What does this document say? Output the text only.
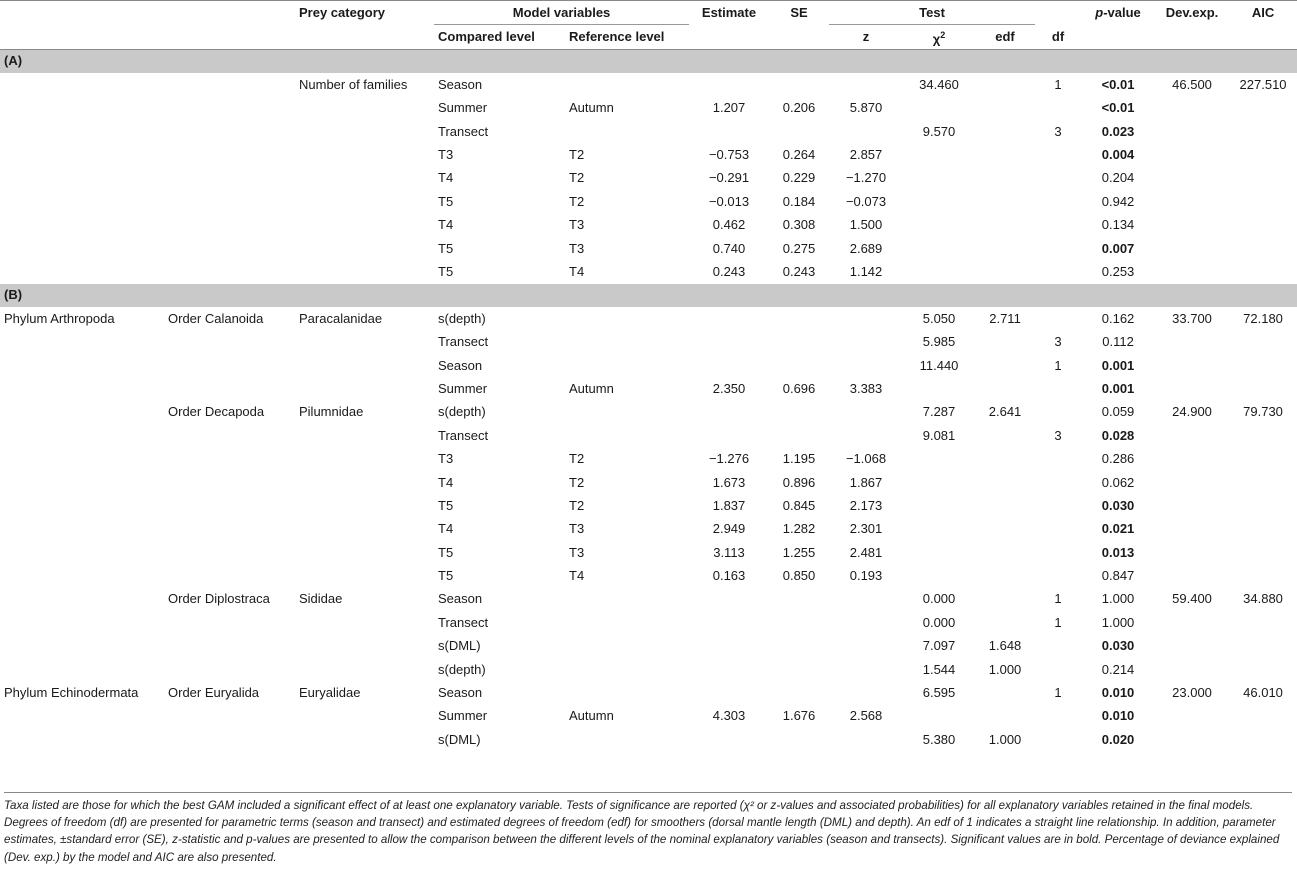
		Prey category	Model variables		Estimate	SE	Test				p-value	Dev.exp.	AIC
			Compared level	Reference level			z	$\chi^2$	edf	df			
(A)													
		Number of families	Season					34.460		1	<0.01	46.500	227.510
			Summer	Autumn	1.207	0.206	5.870				<0.01		
			Transect					9.570		3	0.023		
			T3	T2	−0.753	0.264	2.857				0.004		
			T4	T2	−0.291	0.229	−1.270				0.204		
			T5	T2	−0.013	0.184	−0.073				0.942		
			T4	T3	0.462	0.308	1.500				0.134		
			T5	T3	0.740	0.275	2.689				0.007		
			T5	T4	0.243	0.243	1.142				0.253		
(B)													
Phylum Arthropoda	Order Calanoida	Paracalanidae	s(depth)					5.050	2.711		0.162	33.700	72.180
			Transect					5.985		3	0.112		
			Season					11.440		1	0.001		
			Summer	Autumn	2.350	0.696	3.383				0.001		
	Order Decapoda	Pilumnidae	s(depth)					7.287	2.641		0.059	24.900	79.730
			Transect					9.081		3	0.028		
			T3	T2	−1.276	1.195	−1.068				0.286		
			T4	T2	1.673	0.896	1.867				0.062		
			T5	T2	1.837	0.845	2.173				0.030		
			T4	T3	2.949	1.282	2.301				0.021		
			T5	T3	3.113	1.255	2.481				0.013		
			T5	T4	0.163	0.850	0.193				0.847		
	Order Diplostraca	Sididae	Season					0.000		1	1.000	59.400	34.880
			Transect					0.000		1	1.000		
			s(DML)					7.097	1.648		0.030		
			s(depth)					1.544	1.000		0.214		
Phylum Echinodermata	Order Euryalida	Euryalidae	Season					6.595		1	0.010	23.000	46.010
			Summer	Autumn	4.303	1.676	2.568				0.010		
			s(DML)					5.380	1.000		0.020		
Taxa listed are those for which the best GAM included a significant effect of at least one explanatory variable. Tests of significance are reported (χ² or z-values and associated probabilities) for all explanatory variables retained in the final models. Degrees of freedom (df) are presented for parametric terms (season and transect) and estimated degrees of freedom (edf) for smoothers (dorsal mantle length (DML) and depth). An edf of 1 indicates a straight line relationship. In addition, parameter estimates, ±standard error (SE), z-statistic and p-values are presented to allow the comparison between the different levels of the nominal explanatory variables (season and transects). Significant values are in bold. Percentage of deviance explained (Dev. exp.) by the model and AIC are also presented.
